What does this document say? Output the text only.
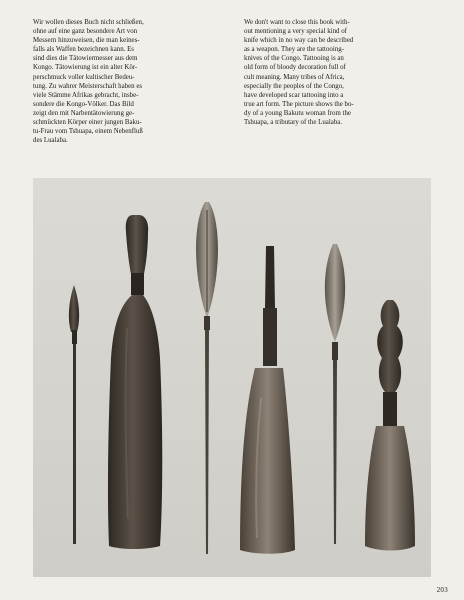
Wir wollen dieses Buch nicht schließen,
ohne auf eine ganz besondere Art von
Messern hinzuweisen, die man keines-
falls als Waffen bezeichnen kann. Es
sind dies die Tätowiermesser aus dem
Kongo. Tätowierung ist ein alter Kör-
perschmuck voller kultischer Bedeu-
tung. Zu wahrer Meisterschaft haben es
viele Stämme Afrikas gebracht, insbe-
sondere die Kongo-Völker. Das Bild
zeigt den mit Narbentätowierung ge-
schmückten Körper einer jungen Baku-
tu-Frau vom Tshuapa, einem Nebenfluß
des Lualaba.
We don't want to close this book with-
out mentioning a very special kind of
knife which in no way can be described
as a weapon. They are the tattooing-
knives of the Congo. Tattooing is an
old form of bloody decoration full of
cult meaning. Many tribes of Africa,
especially the peoples of the Congo,
have developed scar tattooing into a
true art form. The picture shows the bo-
dy of a young Bakutu woman from the
Tshuapa, a tributary of the Lualaba.
203
